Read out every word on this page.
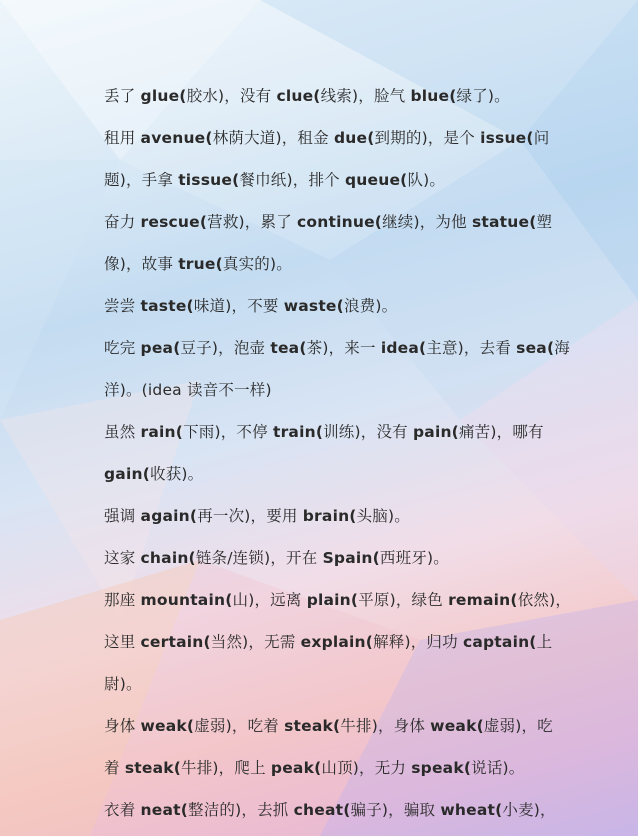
丢了 glue(胶水)，没有 clue(线索)，脸气 blue(绿了)。
租用 avenue(林荫大道)，租金 due(到期的)，是个 issue(问
题)，手拿 tissue(餐巾纸)，排个 queue(队)。
奋力 rescue(营救)，累了 continue(继续)，为他 statue(塑
像)，故事 true(真实的)。
尝尝 taste(味道)，不要 waste(浪费)。
吃完 pea(豆子)，泡壶 tea(茶)，来一 idea(主意)，去看 sea(海
洋)。(idea 读音不一样)
虽然 rain(下雨)，不停 train(训练)，没有 pain(痛苦)，哪有
gain(收获)。
强调 again(再一次)，要用 brain(头脑)。
这家 chain(链条/连锁)，开在 Spain(西班牙)。
那座 mountain(山)，远离 plain(平原)，绿色 remain(依然)，
这里 certain(当然)，无需 explain(解释)，归功 captain(上
尉)。
身体 weak(虚弱)，吃着 steak(牛排)，身体 weak(虚弱)，吃
着 steak(牛排)，爬上 peak(山顶)，无力 speak(说话)。
衣着 neat(整洁的)，去抓 cheat(骗子)，骗取 wheat(小麦)，
